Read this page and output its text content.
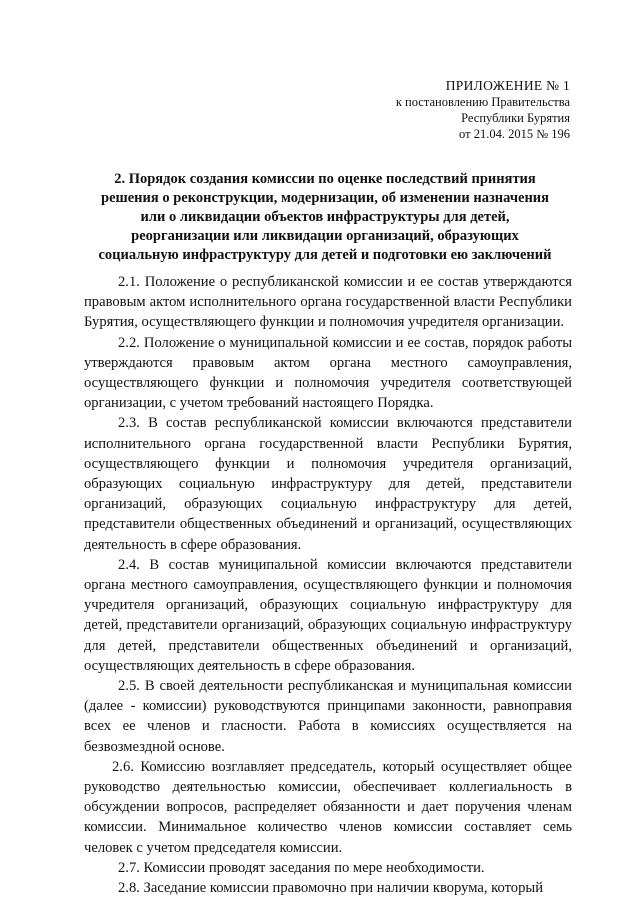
ПРИЛОЖЕНИЕ № 1
к постановлению Правительства
Республики Бурятия
от 21.04. 2015 № 196
2. Порядок создания комиссии по оценке последствий принятия решения о реконструкции, модернизации, об изменении назначения или о ликвидации объектов инфраструктуры для детей, реорганизации или ликвидации организаций, образующих социальную инфраструктуру для детей и подготовки ею заключений

2.1. Положение о республиканской комиссии и ее состав утверждаются правовым актом исполнительного органа государственной власти Республики Бурятия, осуществляющего функции и полномочия учредителя организации.

2.2. Положение о муниципальной комиссии и ее состав, порядок работы утверждаются правовым актом органа местного самоуправления, осуществляющего функции и полномочия учредителя соответствующей организации, с учетом требований настоящего Порядка.

2.3. В состав республиканской комиссии включаются представители исполнительного органа государственной власти Республики Бурятия, осуществляющего функции и полномочия учредителя организаций, образующих социальную инфраструктуру для детей, представители организаций, образующих социальную инфраструктуру для детей, представители общественных объединений и организаций, осуществляющих деятельность в сфере образования.

2.4. В состав муниципальной комиссии включаются представители органа местного самоуправления, осуществляющего функции и полномочия учредителя организаций, образующих социальную инфраструктуру для детей, представители организаций, образующих социальную инфраструктуру для детей, представители общественных объединений и организаций, осуществляющих деятельность в сфере образования.

2.5. В своей деятельности республиканская и муниципальная комиссии (далее - комиссии) руководствуются принципами законности, равноправия всех ее членов и гласности. Работа в комиссиях осуществляется на безвозмездной основе.

2.6. Комиссию возглавляет председатель, который осуществляет общее руководство деятельностью комиссии, обеспечивает коллегиальность в обсуждении вопросов, распределяет обязанности и дает поручения членам комиссии. Минимальное количество членов комиссии составляет семь человек с учетом председателя комиссии.

2.7. Комиссии проводят заседания по мере необходимости.

2.8. Заседание комиссии правомочно при наличии кворума, который
